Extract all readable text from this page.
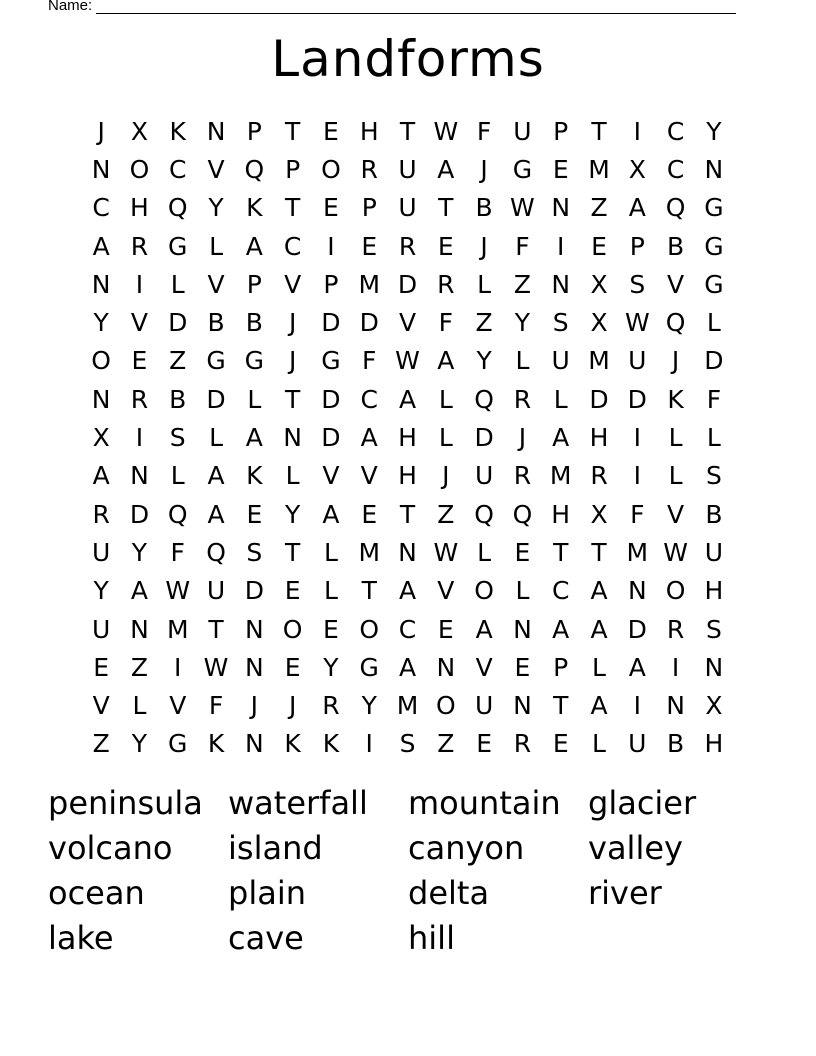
Name:
Landforms
J	X K N P T E H T W F U P T	I	C Y
N O C V Q P O R U A	J G E M X C N
C H Q Y K T E P U T B W N Z A Q G
A R G L A C	I	E R E	J	F	I	E P B G
N	I	L V P V P M D R L Z N X S V G
Y V D B B	J D D V F Z Y S X W Q L
O E Z G G J G F W A Y L U M U	J D
N R B D L T D C A L Q R L D D K F
X	I	S L A N D A H L D J	A H	I	L L
A N L A K L V V H	J	U R M R	I	L S
R D Q A E Y A E T Z Q Q H X F V B
U Y F Q S T L M N W L E T T M W U
Y A W U D E L T A V O L C A N O H
U N M T N O E O C E A N A A D R S
E Z	I W N E Y G A N V E P L A	I	N
V L V F	J	J	R Y M O U N T A	I	N X
Z Y G K N K K	I	S Z E R E L U B H
peninsula waterfall	mountain glacier
volcano	island	canyon	valley
ocean	plain	delta	river
lake	cave	hill
